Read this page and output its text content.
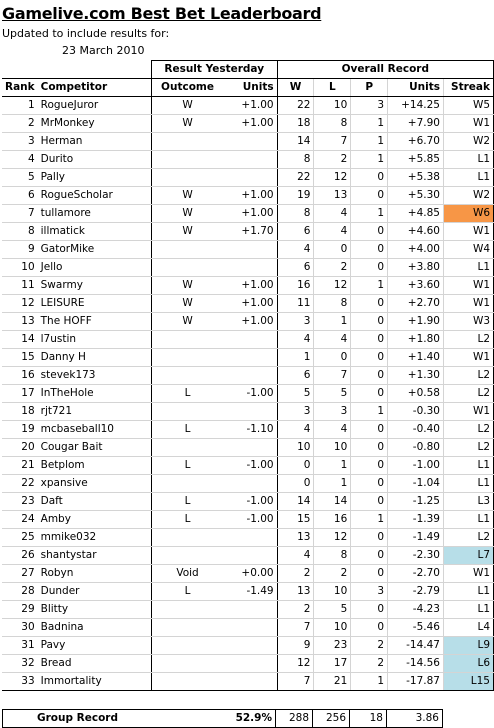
Gamelive.com Best Bet Leaderboard
Updated to include results for:
23 March 2010
		Result Yesterday		Overall Record				
Rank	Competitor	Outcome	Units	W	L	P	Units	Streak
1	RogueJuror	W	+1.00	22	10	3	+14.25	W5
2	MrMonkey	W	+1.00	18	8	1	+7.90	W1
3	Herman			14	7	1	+6.70	W2
4	Durito			8	2	1	+5.85	L1
5	Pally			22	12	0	+5.38	L1
6	RogueScholar	W	+1.00	19	13	0	+5.30	W2
7	tullamore	W	+1.00	8	4	1	+4.85	W6
8	illmatick	W	+1.70	6	4	0	+4.60	W1
9	GatorMike			4	0	0	+4.00	W4
10	Jello			6	2	0	+3.80	L1
11	Swarmy	W	+1.00	16	12	1	+3.60	W1
12	LEISURE	W	+1.00	11	8	0	+2.70	W1
13	The HOFF	W	+1.00	3	1	0	+1.90	W3
14	l7ustin			4	4	0	+1.80	L2
15	Danny H			1	0	0	+1.40	W1
16	stevek173			6	7	0	+1.30	L2
17	InTheHole	L	-1.00	5	5	0	+0.58	L2
18	rjt721			3	3	1	-0.30	W1
19	mcbaseball10	L	-1.10	4	4	0	-0.40	L2
20	Cougar Bait			10	10	0	-0.80	L2
21	Betplom	L	-1.00	0	1	0	-1.00	L1
22	xpansive			0	1	0	-1.04	L1
23	Daft	L	-1.00	14	14	0	-1.25	L3
24	Amby	L	-1.00	15	16	1	-1.39	L1
25	mmike032			13	12	0	-1.49	L2
26	shantystar			4	8	0	-2.30	L7
27	Robyn	Void	+0.00	2	2	0	-2.70	W1
28	Dunder	L	-1.49	13	10	3	-2.79	L1
29	Blitty			2	5	0	-4.23	L1
30	Badnina			7	10	0	-5.46	L4
31	Pavy			9	23	2	-14.47	L9
32	Bread			12	17	2	-14.56	L6
33	Immortality			7	21	1	-17.87	L15
Group Record	52.9%	288	256	18	3.86
